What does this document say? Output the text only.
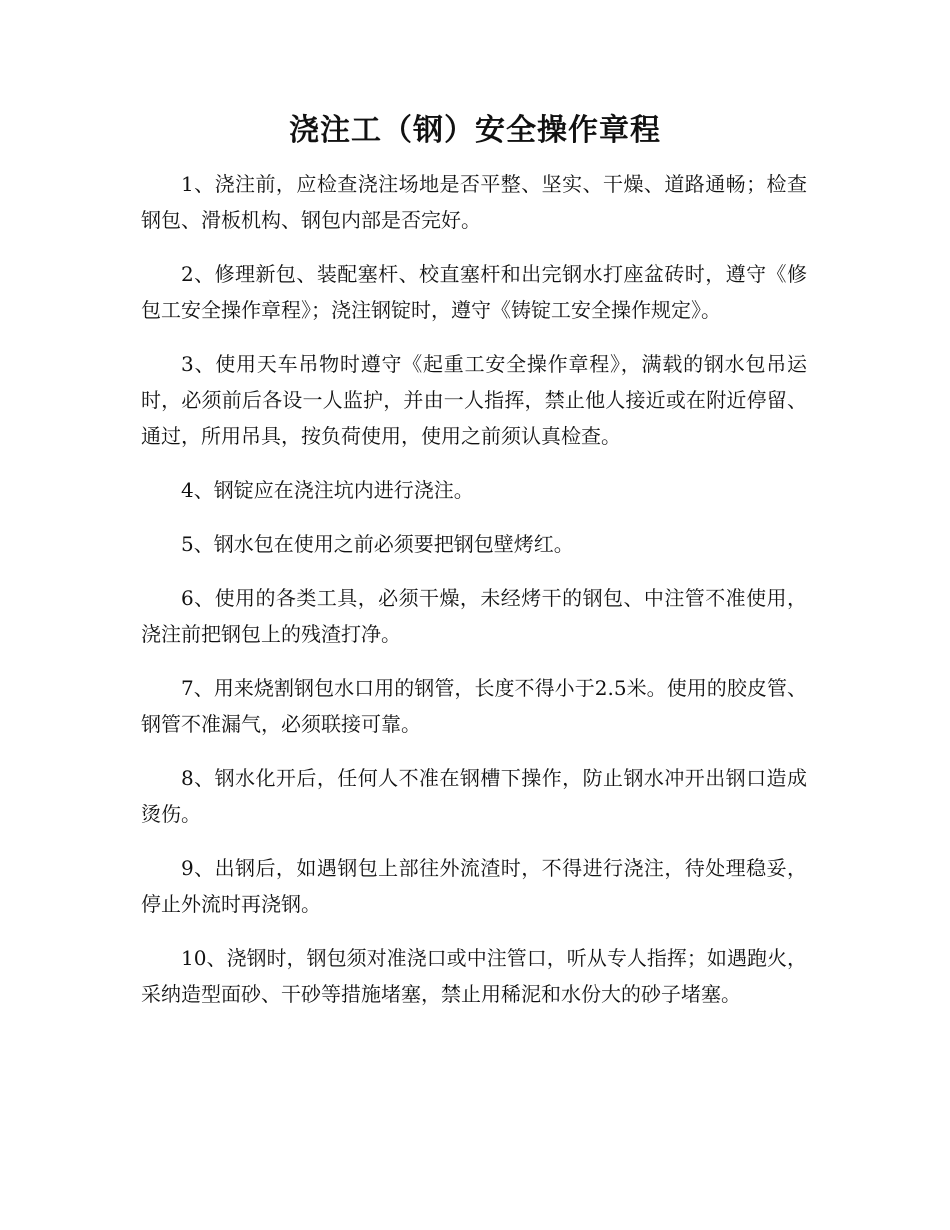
浇注工（钢）安全操作章程

1、浇注前，应检查浇注场地是否平整、坚实、干燥、道路通畅；检查钢包、滑板机构、钢包内部是否完好。

2、修理新包、装配塞杆、校直塞杆和出完钢水打座盆砖时，遵守《修包工安全操作章程》；浇注钢锭时，遵守《铸锭工安全操作规定》。

3、使用天车吊物时遵守《起重工安全操作章程》，满载的钢水包吊运时，必须前后各设一人监护，并由一人指挥，禁止他人接近或在附近停留、通过，所用吊具，按负荷使用，使用之前须认真检查。

4、钢锭应在浇注坑内进行浇注。

5、钢水包在使用之前必须要把钢包壁烤红。

6、使用的各类工具，必须干燥，未经烤干的钢包、中注管不准使用，浇注前把钢包上的残渣打净。

7、用来烧割钢包水口用的钢管，长度不得小于2.5米。使用的胶皮管、钢管不准漏气，必须联接可靠。

8、钢水化开后，任何人不准在钢槽下操作，防止钢水冲开出钢口造成烫伤。

9、出钢后，如遇钢包上部往外流渣时，不得进行浇注，待处理稳妥，停止外流时再浇钢。

10、浇钢时，钢包须对准浇口或中注管口，听从专人指挥；如遇跑火，采纳造型面砂、干砂等措施堵塞，禁止用稀泥和水份大的砂子堵塞。
